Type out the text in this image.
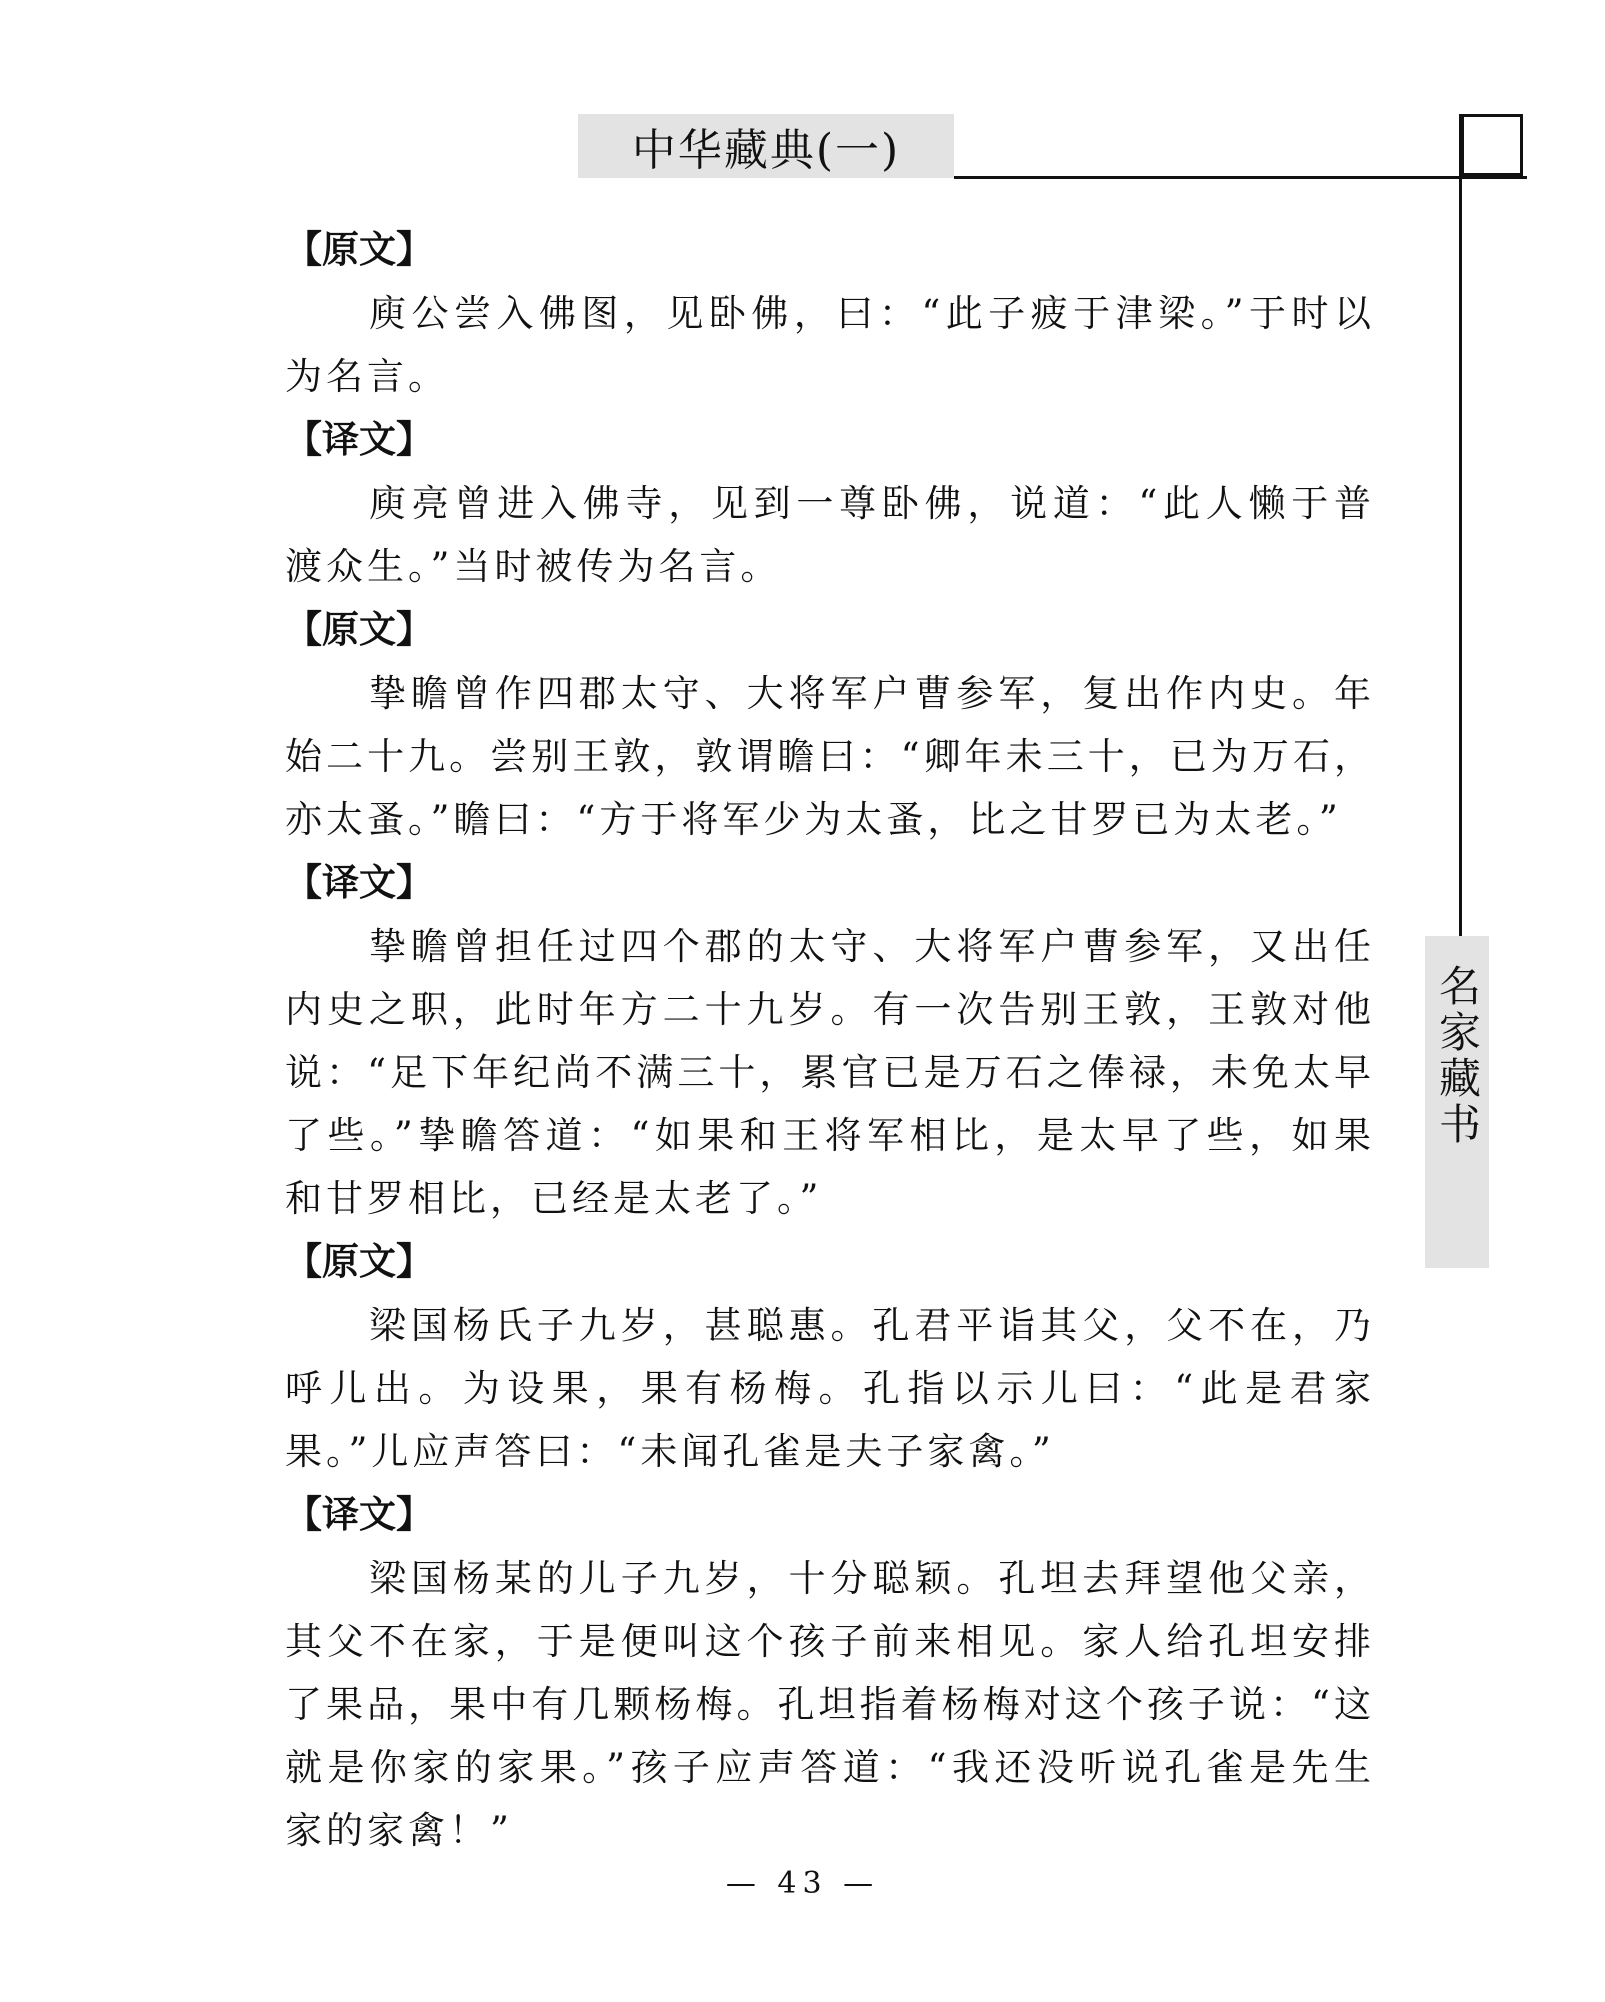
中华藏典(一)
名家藏书
【原文】

庾公尝入佛图，见卧佛，曰：“此子疲于津梁。”于时以为名言。

【译文】

庾亮曾进入佛寺，见到一尊卧佛，说道：“此人懒于普渡众生。”当时被传为名言。

【原文】

挚瞻曾作四郡太守、大将军户曹参军，复出作内史。年始二十九。尝别王敦，敦谓瞻曰：“卿年未三十，已为万石，亦太蚤。”瞻曰：“方于将军少为太蚤，比之甘罗已为太老。”

【译文】

挚瞻曾担任过四个郡的太守、大将军户曹参军，又出任内史之职，此时年方二十九岁。有一次告别王敦，王敦对他说：“足下年纪尚不满三十，累官已是万石之俸禄，未免太早了些。”挚瞻答道：“如果和王将军相比，是太早了些，如果和甘罗相比，已经是太老了。”

【原文】

梁国杨氏子九岁，甚聪惠。孔君平诣其父，父不在，乃呼儿出。为设果，果有杨梅。孔指以示儿曰：“此是君家果。”儿应声答曰：“未闻孔雀是夫子家禽。”

【译文】

梁国杨某的儿子九岁，十分聪颖。孔坦去拜望他父亲，其父不在家，于是便叫这个孩子前来相见。家人给孔坦安排了果品，果中有几颗杨梅。孔坦指着杨梅对这个孩子说：“这就是你家的家果。”孩子应声答道：“我还没听说孔雀是先生家的家禽！”

— 43 —
